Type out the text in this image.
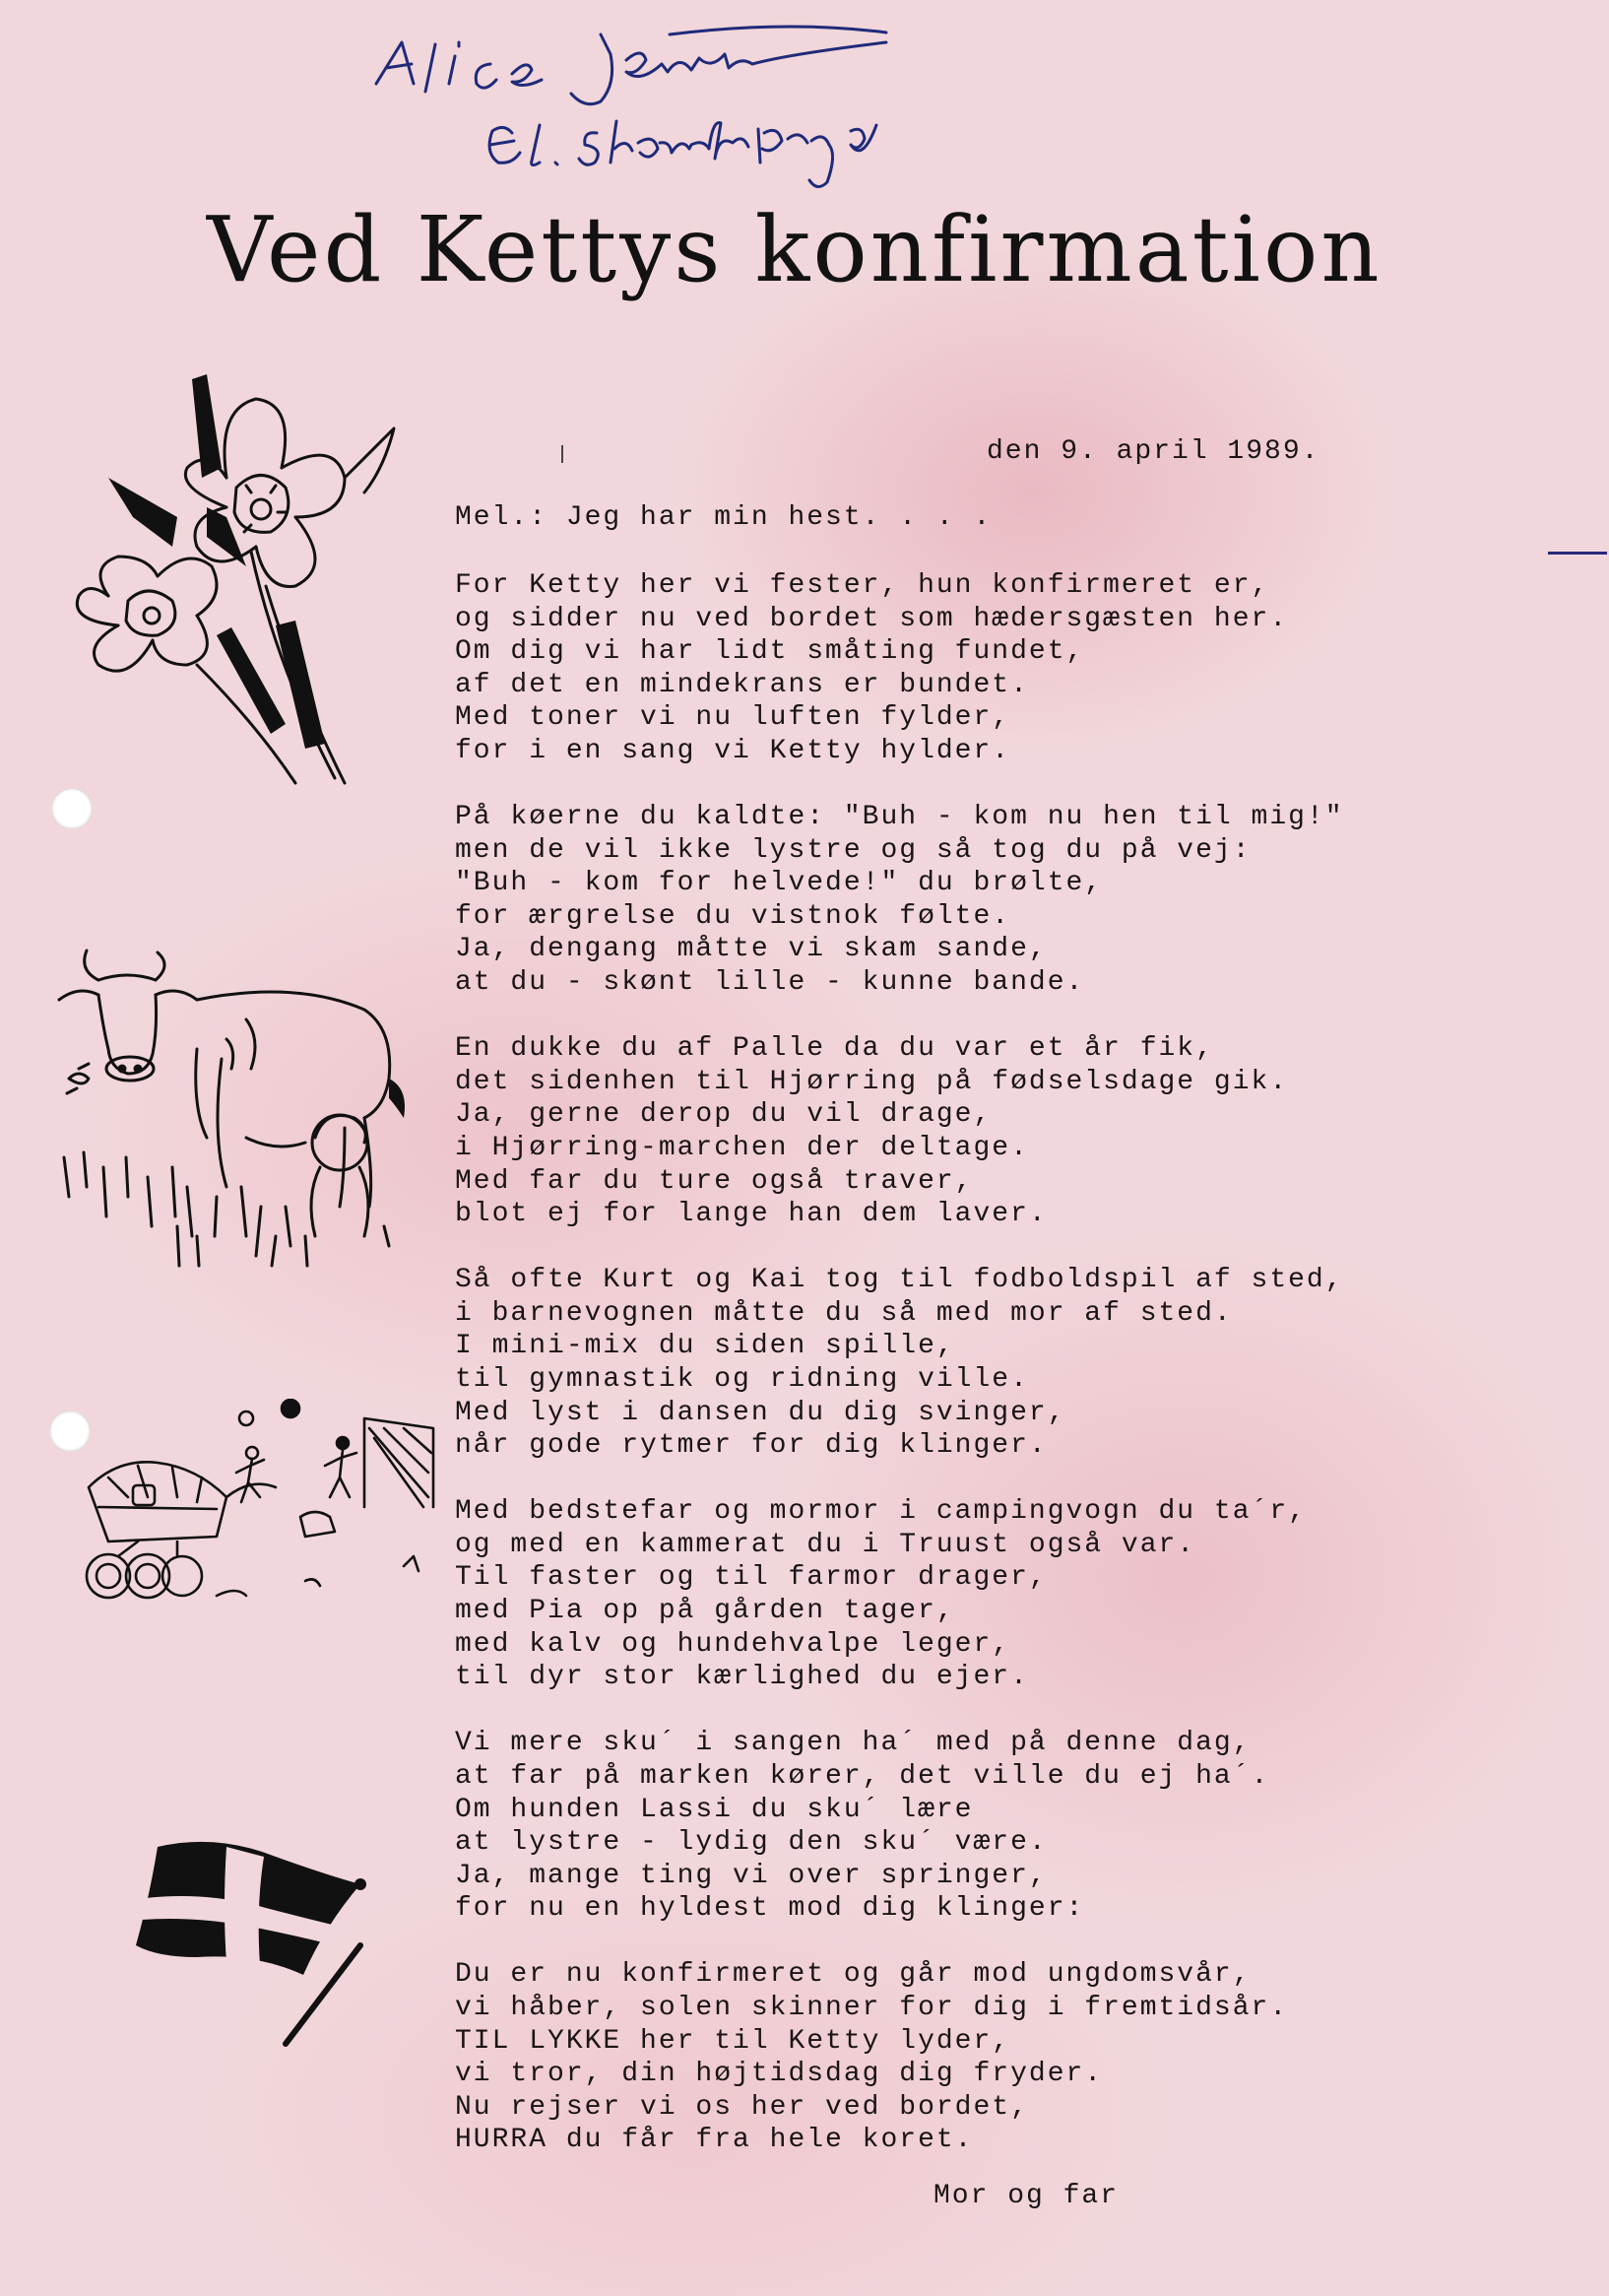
Ved Kettys konfirmation
den 9. april 1989.
Mel.: Jeg har min hest. . . .
For Ketty her vi fester, hun konfirmeret er,
og sidder nu ved bordet som hædersgæsten her.
Om dig vi har lidt småting fundet,
af det en mindekrans er bundet.
Med toner vi nu luften fylder,
for i en sang vi Ketty hylder.
På køerne du kaldte: "Buh - kom nu hen til mig!"
men de vil ikke lystre og så tog du på vej:
"Buh - kom for helvede!" du brølte,
for ærgrelse du vistnok følte.
Ja, dengang måtte vi skam sande,
at du - skønt lille - kunne bande.
En dukke du af Palle da du var et år fik,
det sidenhen til Hjørring på fødselsdage gik.
Ja, gerne derop du vil drage,
i Hjørring-marchen der deltage.
Med far du ture også traver,
blot ej for lange han dem laver.
Så ofte Kurt og Kai tog til fodboldspil af sted,
i barnevognen måtte du så med mor af sted.
I mini-mix du siden spille,
til gymnastik og ridning ville.
Med lyst i dansen du dig svinger,
når gode rytmer for dig klinger.
Med bedstefar og mormor i campingvogn du ta´r,
og med en kammerat du i Truust også var.
Til faster og til farmor drager,
med Pia op på gården tager,
med kalv og hundehvalpe leger,
til dyr stor kærlighed du ejer.
Vi mere sku´ i sangen ha´ med på denne dag,
at far på marken kører, det ville du ej ha´.
Om hunden Lassi du sku´ lære
at lystre - lydig den sku´ være.
Ja, mange ting vi over springer,
for nu en hyldest mod dig klinger:
Du er nu konfirmeret og går mod ungdomsvår,
vi håber, solen skinner for dig i fremtidsår.
TIL LYKKE her til Ketty lyder,
vi tror, din højtidsdag dig fryder.
Nu rejser vi os her ved bordet,
HURRA du får fra hele koret.
Mor og far
